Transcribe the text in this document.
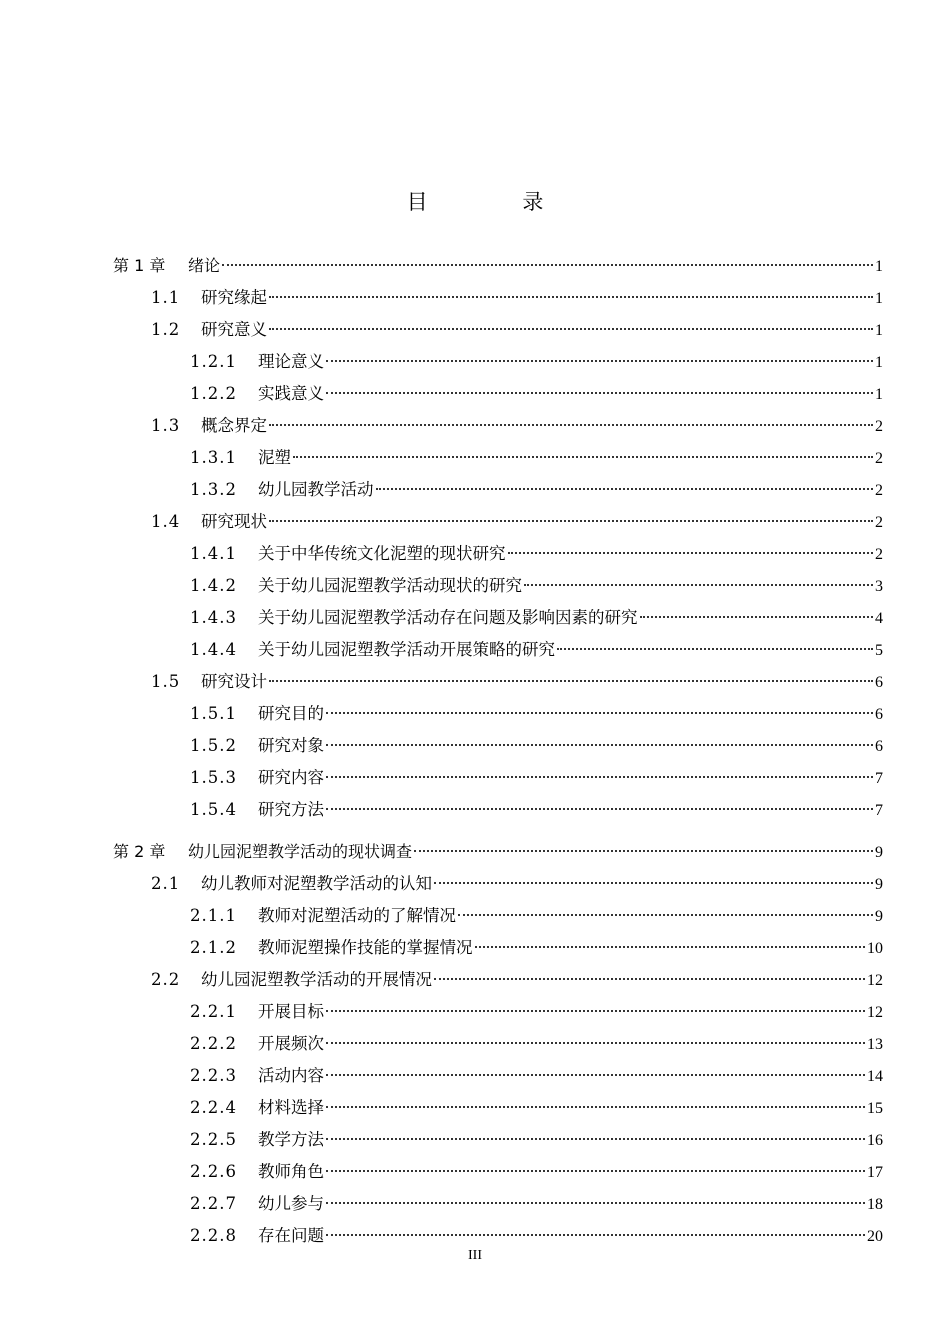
目 录
第 1 章	绪论	1
1.1	研究缘起	1
1.2	研究意义	1
1.2.1	理论意义	1
1.2.2	实践意义	1
1.3	概念界定	2
1.3.1	泥塑	2
1.3.2	幼儿园教学活动	2
1.4	研究现状	2
1.4.1	关于中华传统文化泥塑的现状研究	2
1.4.2	关于幼儿园泥塑教学活动现状的研究	3
1.4.3	关于幼儿园泥塑教学活动存在问题及影响因素的研究	4
1.4.4	关于幼儿园泥塑教学活动开展策略的研究	5
1.5	研究设计	6
1.5.1	研究目的	6
1.5.2	研究对象	6
1.5.3	研究内容	7
1.5.4	研究方法	7
第 2 章	幼儿园泥塑教学活动的现状调查	9
2.1	幼儿教师对泥塑教学活动的认知	9
2.1.1	教师对泥塑活动的了解情况	9
2.1.2	教师泥塑操作技能的掌握情况	10
2.2	幼儿园泥塑教学活动的开展情况	12
2.2.1	开展目标	12
2.2.2	开展频次	13
2.2.3	活动内容	14
2.2.4	材料选择	15
2.2.5	教学方法	16
2.2.6	教师角色	17
2.2.7	幼儿参与	18
2.2.8	存在问题	20
III
